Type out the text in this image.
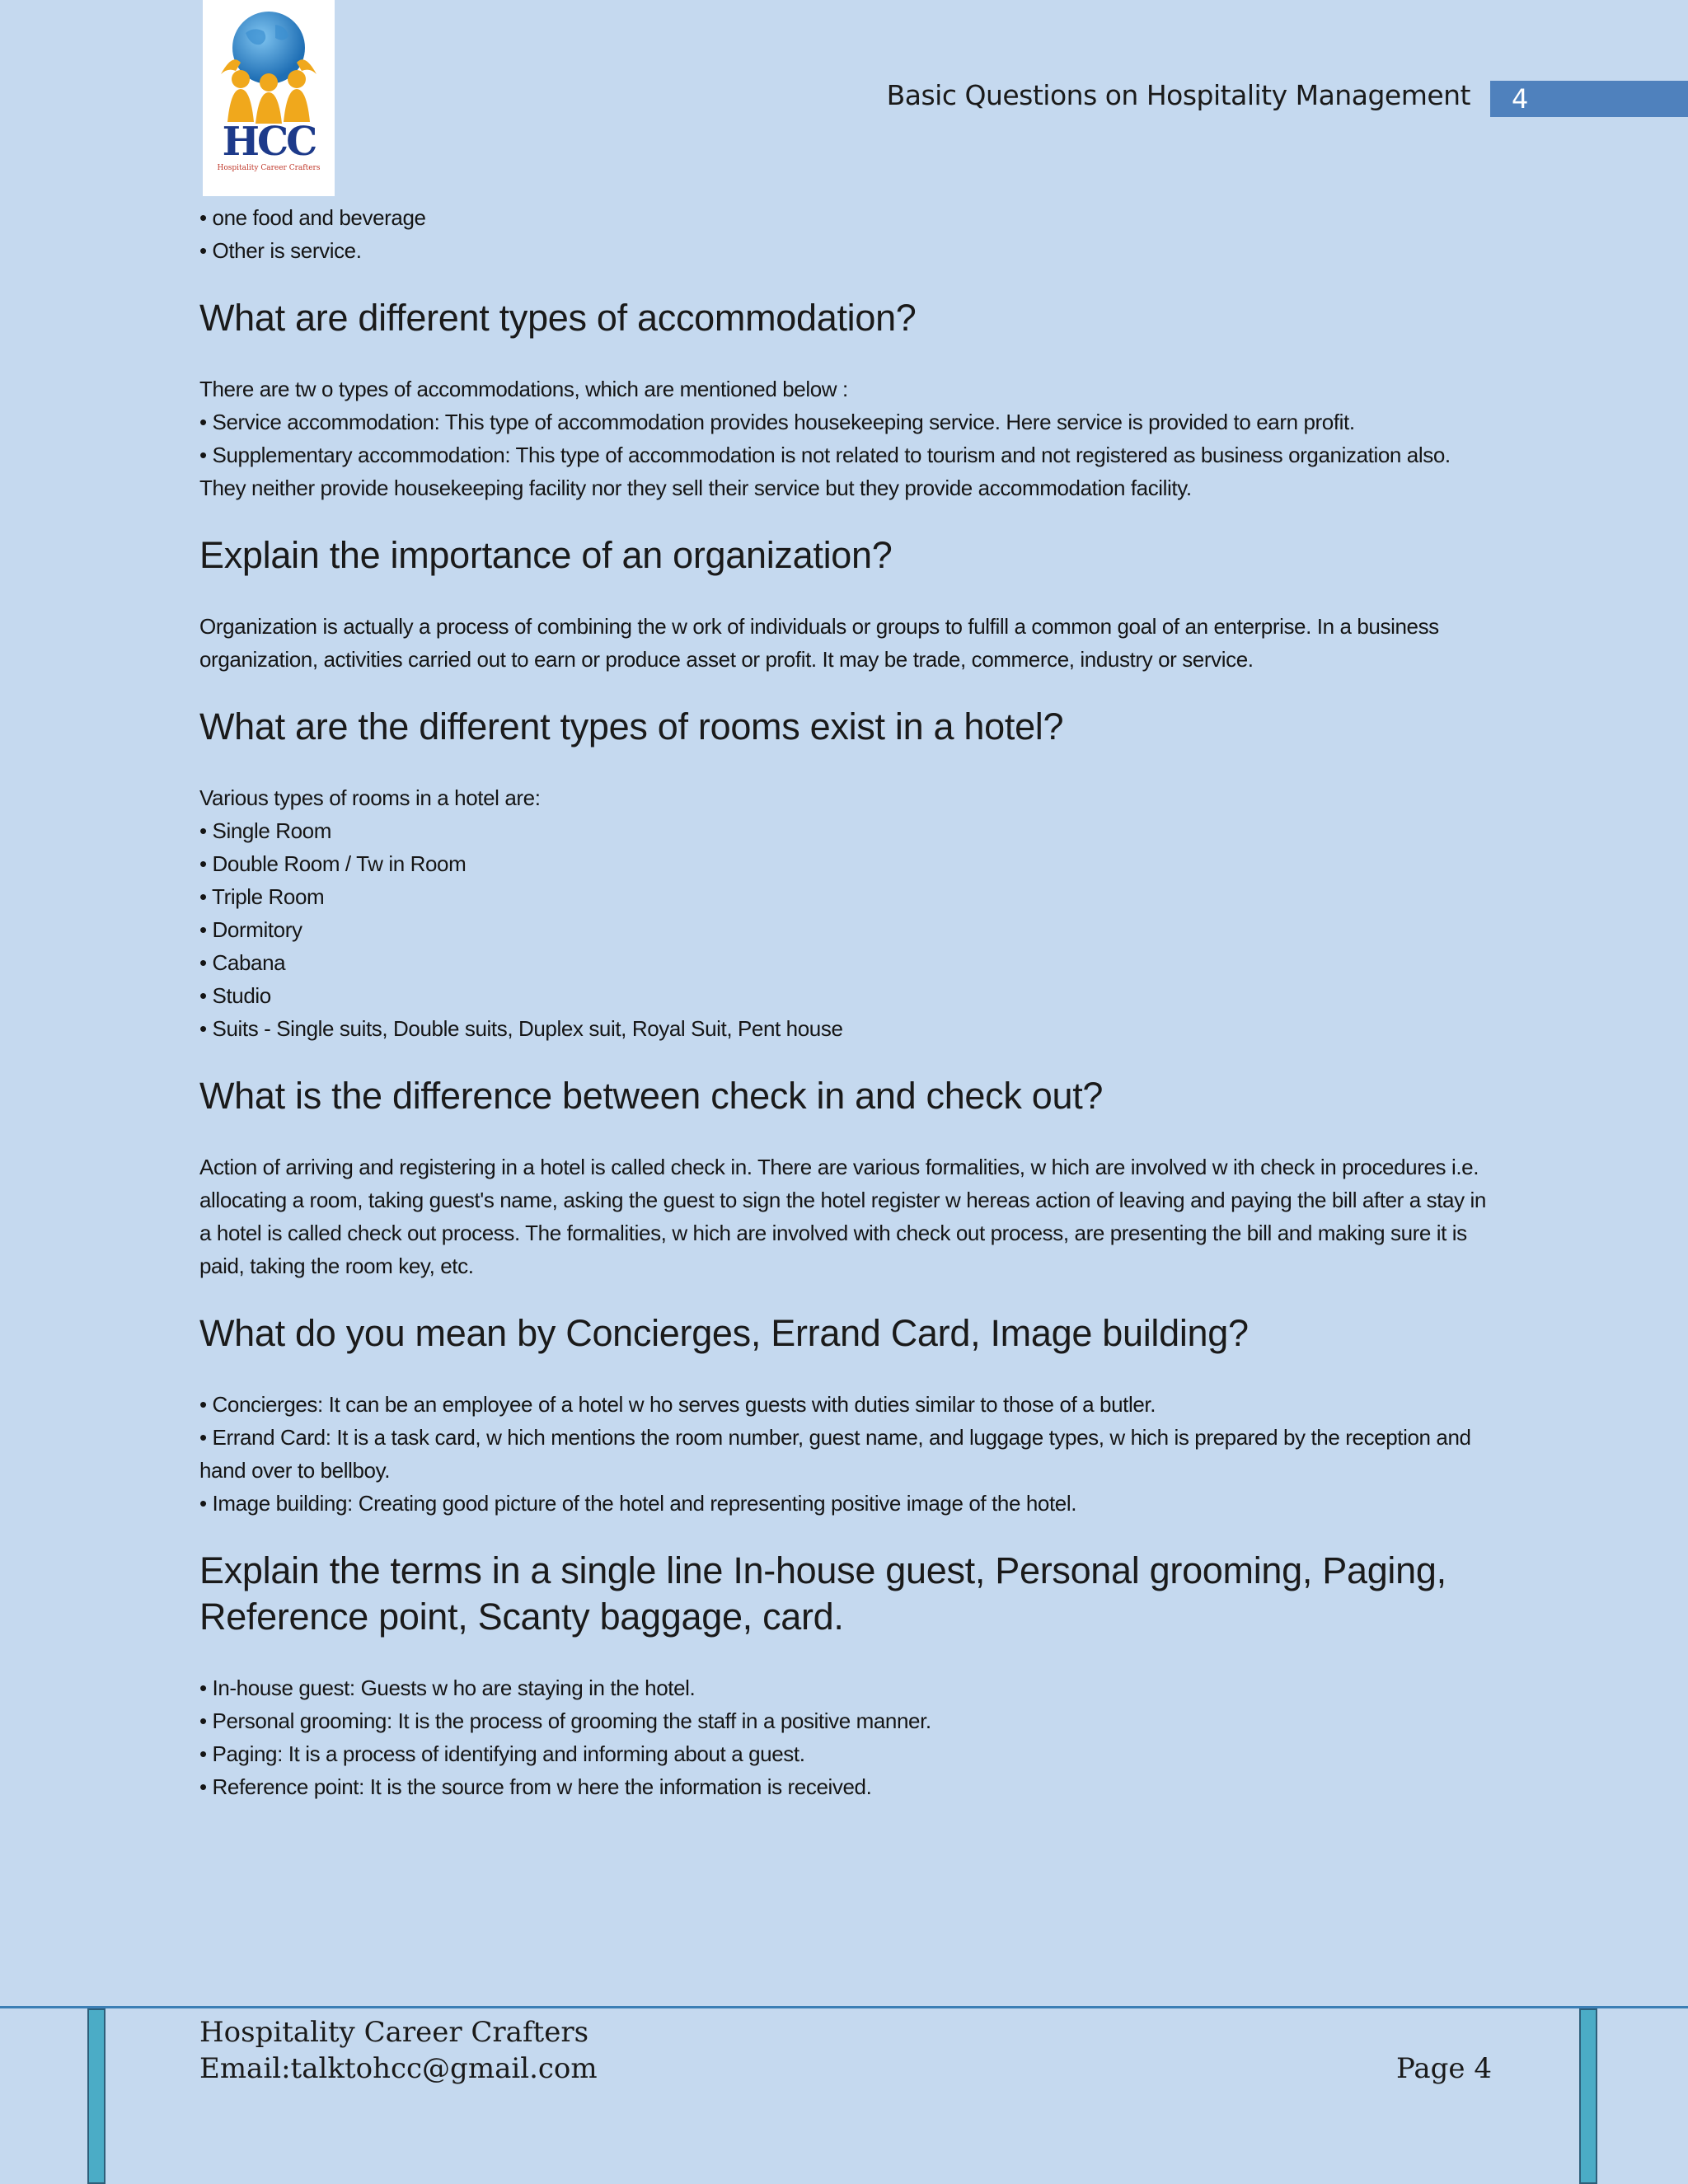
HCC
Hospitality Career Crafters
Basic Questions on Hospitality Management	4

• one food and beverage
• Other is service.

What are different types of accommodation?

There are tw o types of accommodations, which are mentioned below :
• Service accommodation: This type of accommodation provides housekeeping service. Here service is provided to earn profit.
• Supplementary accommodation: This type of accommodation is not related to tourism and not registered as business organization also. They neither provide housekeeping facility nor they sell their service but they provide accommodation facility.

Explain the importance of an organization?

Organization is actually a process of combining the w ork of individuals or groups to fulfill a common goal of an enterprise. In a business organization, activities carried out to earn or produce asset or profit. It may be trade, commerce, industry or service.

What are the different types of rooms exist in a hotel?

Various types of rooms in a hotel are:
• Single Room
• Double Room / Tw in Room
• Triple Room
• Dormitory
• Cabana
• Studio
• Suits - Single suits, Double suits, Duplex suit, Royal Suit, Pent house

What is the difference between check in and check out?

Action of arriving and registering in a hotel is called check in. There are various formalities, w hich are involved w ith check in procedures i.e. allocating a room, taking guest's name, asking the guest to sign the hotel register w hereas action of leaving and paying the bill after a stay in a hotel is called check out process. The formalities, w hich are involved with check out process, are presenting the bill and making sure it is paid, taking the room key, etc.

What do you mean by Concierges, Errand Card, Image building?

• Concierges: It can be an employee of a hotel w ho serves guests with duties similar to those of a butler.
• Errand Card: It is a task card, w hich mentions the room number, guest name, and luggage types, w hich is prepared by the reception and hand over to bellboy.
• Image building: Creating good picture of the hotel and representing positive image of the hotel.

Explain the terms in a single line In-house guest, Personal grooming, Paging, Reference point, Scanty baggage, card.

• In-house guest: Guests w ho are staying in the hotel.
• Personal grooming: It is the process of grooming the staff in a positive manner.
• Paging: It is a process of identifying and informing about a guest.
• Reference point: It is the source from w here the information is received.

Hospitality Career Crafters
Email:talktohcc@gmail.com	Page 4
